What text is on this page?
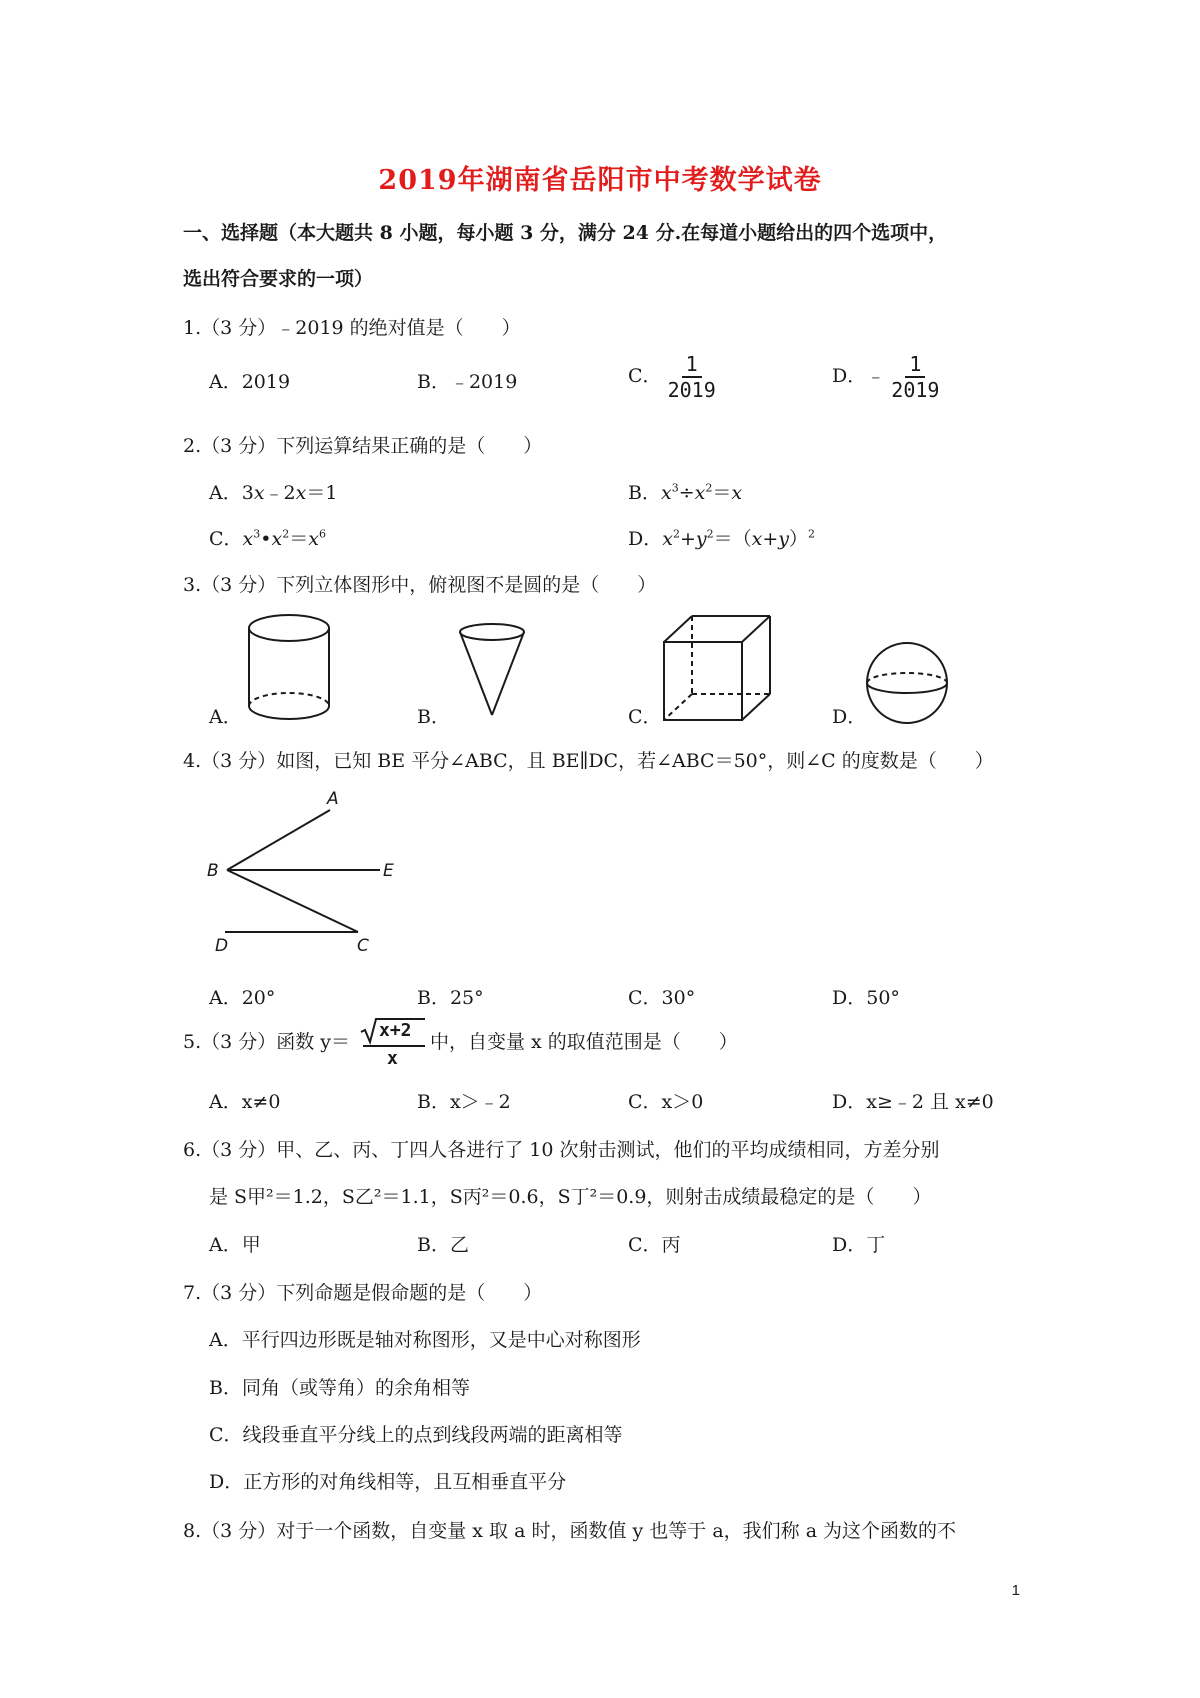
2019年湖南省岳阳市中考数学试卷
一、选择题（本大题共 8 小题，每小题 3 分，满分 24 分.在每道小题给出的四个选项中，
选出符合要求的一项）
1.（3 分）﹣2019 的绝对值是（　　）
A．2019	B．﹣2019	C． $\frac{1}{2019}$	D．﹣ $\frac{1}{2019}$
2.（3 分）下列运算结果正确的是（　　）
A．3x﹣2x＝1	B．$x^3\div x^2=x$
C．$x^3•x^2=x^6$	D．$x^2+y^2=(x+y)^2$
3.（3 分）下列立体图形中，俯视图不是圆的是（　　）
A．	B．	C．	D．
4.（3 分）如图，已知 BE 平分∠ABC，且 BE∥DC，若∠ABC＝50°，则∠C 的度数是（　　）
A
B	E
D	C
A．20°	B．25°	C．30°	D．50°
5.（3 分）函数 y＝
x+2
x
中，自变量 x 的取值范围是（　　）
A．x≠0	B．x＞﹣2	C．x＞0	D．x≥﹣2 且 x≠0
6.（3 分）甲、乙、丙、丁四人各进行了 10 次射击测试，他们的平均成绩相同，方差分别
是 S甲²＝1.2，S乙²＝1.1，S丙²＝0.6，S丁²＝0.9，则射击成绩最稳定的是（　　）
A．甲	B．乙	C．丙	D．丁
7.（3 分）下列命题是假命题的是（　　）
A．平行四边形既是轴对称图形，又是中心对称图形
B．同角（或等角）的余角相等
C．线段垂直平分线上的点到线段两端的距离相等
D．正方形的对角线相等，且互相垂直平分
8.（3 分）对于一个函数，自变量 x 取 a 时，函数值 y 也等于 a，我们称 a 为这个函数的不
1
